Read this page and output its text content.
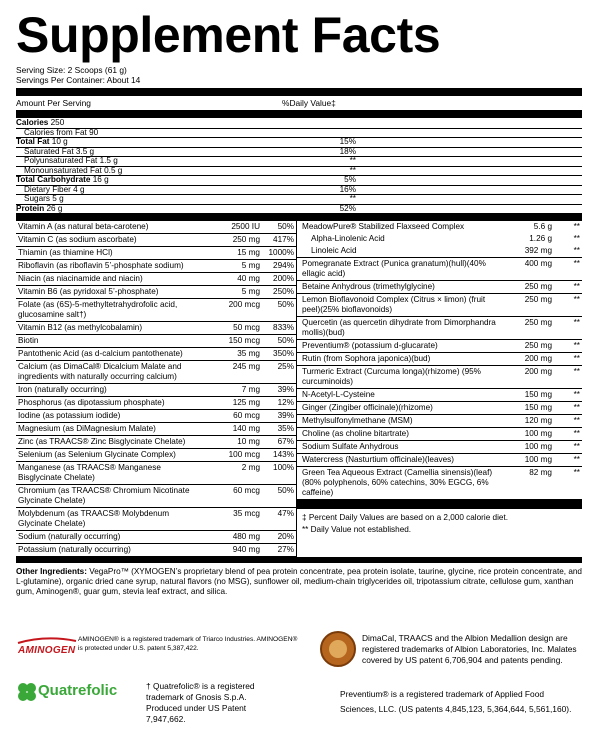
Supplement Facts
Serving Size: 2 Scoops (61 g)
Servings Per Container: About 14
Amount Per Serving	%Daily Value‡
Calories 250
Calories from Fat 90
Total Fat 10 g	15%
Saturated Fat 3.5 g	18%
Polyunsaturated Fat 1.5 g	**
Monounsaturated Fat 0.5 g	**
Total Carbohydrate 16 g	5%
Dietary Fiber 4 g	16%
Sugars 5 g	**
Protein 26 g	52%
Vitamin A (as natural beta-carotene)	2500 IU	50%
Vitamin C (as sodium ascorbate)	250 mg	417%
Thiamin (as thiamine HCl)	15 mg	1000%
Riboflavin (as riboflavin 5’-phosphate sodium)	5 mg	294%
Niacin (as niacinamide and niacin)	40 mg	200%
Vitamin B6 (as pyridoxal 5’-phosphate)	5 mg	250%
Folate (as (6S)-5-methyltetrahydrofolic acid, glucosamine salt†)
200 mcg	50%
Vitamin B12 (as methylcobalamin)	50 mcg	833%
Biotin	150 mcg	50%
Pantothenic Acid (as d-calcium pantothenate)	35 mg	350%
Calcium (as DimaCal® Dicalcium Malate and ingredients with naturally occurring calcium)
245 mg	25%
Iron (naturally occurring)	7 mg	39%
Phosphorus (as dipotassium phosphate)	125 mg	12%
Iodine (as potassium iodide)	60 mcg	39%
Magnesium (as DiMagnesium Malate)	140 mg	35%
Zinc (as TRAACS® Zinc Bisglycinate Chelate)	10 mg	67%
Selenium (as Selenium Glycinate Complex)	100 mcg	143%
Manganese (as TRAACS® Manganese Bisglycinate Chelate)
2 mg	100%
Chromium (as TRAACS® Chromium Nicotinate Glycinate Chelate)
60 mcg	50%
Molybdenum (as TRAACS® Molybdenum Glycinate Chelate)
35 mcg	47%
Sodium (naturally occurring)	480 mg	20%
Potassium (naturally occurring)	940 mg	27%
MeadowPure® Stabilized Flaxseed Complex	5.6 g	**
Alpha-Linolenic Acid	1.26 g	**
Linoleic Acid	392 mg	**
Pomegranate Extract (Punica granatum)(hull)(40% ellagic acid)
400 mg	**
Betaine Anhydrous (trimethylglycine)	250 mg	**
Lemon Bioflavonoid Complex (Citrus × limon) (fruit peel)(25% bioflavonoids)
250 mg	**
Quercetin (as quercetin dihydrate from Dimorphandra mollis)(bud)
250 mg	**
Preventium® (potassium d-glucarate)	250 mg	**
Rutin (from Sophora japonica)(bud)	200 mg	**
Turmeric Extract (Curcuma longa)(rhizome) (95% curcuminoids)
200 mg	**
N-Acetyl-L-Cysteine	150 mg	**
Ginger (Zingiber officinale)(rhizome)	150 mg	**
Methylsulfonylmethane (MSM)	120 mg	**
Choline (as choline bitartrate)	100 mg	**
Sodium Sulfate Anhydrous	100 mg	**
Watercress (Nasturtium officinale)(leaves)	100 mg	**
Green Tea Aqueous Extract (Camellia sinensis)(leaf) (80% polyphenols, 60% catechins, 30% EGCG, 6% caffeine)
82 mg	**
‡ Percent Daily Values are based on a 2,000 calorie diet.
** Daily Value not established.
Other Ingredients: VegaPro™ (XYMOGEN’s proprietary blend of pea protein concentrate, pea protein isolate, taurine, glycine, rice protein concentrate, and L-glutamine), organic dried cane syrup, natural flavors (no MSG), sunflower oil, medium-chain triglycerides oil, tripotassium citrate, cellulose gum, xanthan gum, Aminogen®, guar gum, stevia leaf extract, and silica.
AMINOGEN
AMINOGEN® is a registered trademark of Triarco Industries. AMINOGEN® is protected under U.S. patent 5,387,422.
DimaCal, TRAACS and the Albion Medallion design are registered trademarks of Albion Laboratories, Inc. Malates covered by US patent 6,706,904 and patents pending.
Quatrefolic	† Quatrefolic® is a registered trademark of Gnosis S.p.A. Produced under US Patent 7,947,662.
Preventium® is a registered trademark of Applied Food Sciences, LLC. (US patents 4,845,123, 5,364,644, 5,561,160).
